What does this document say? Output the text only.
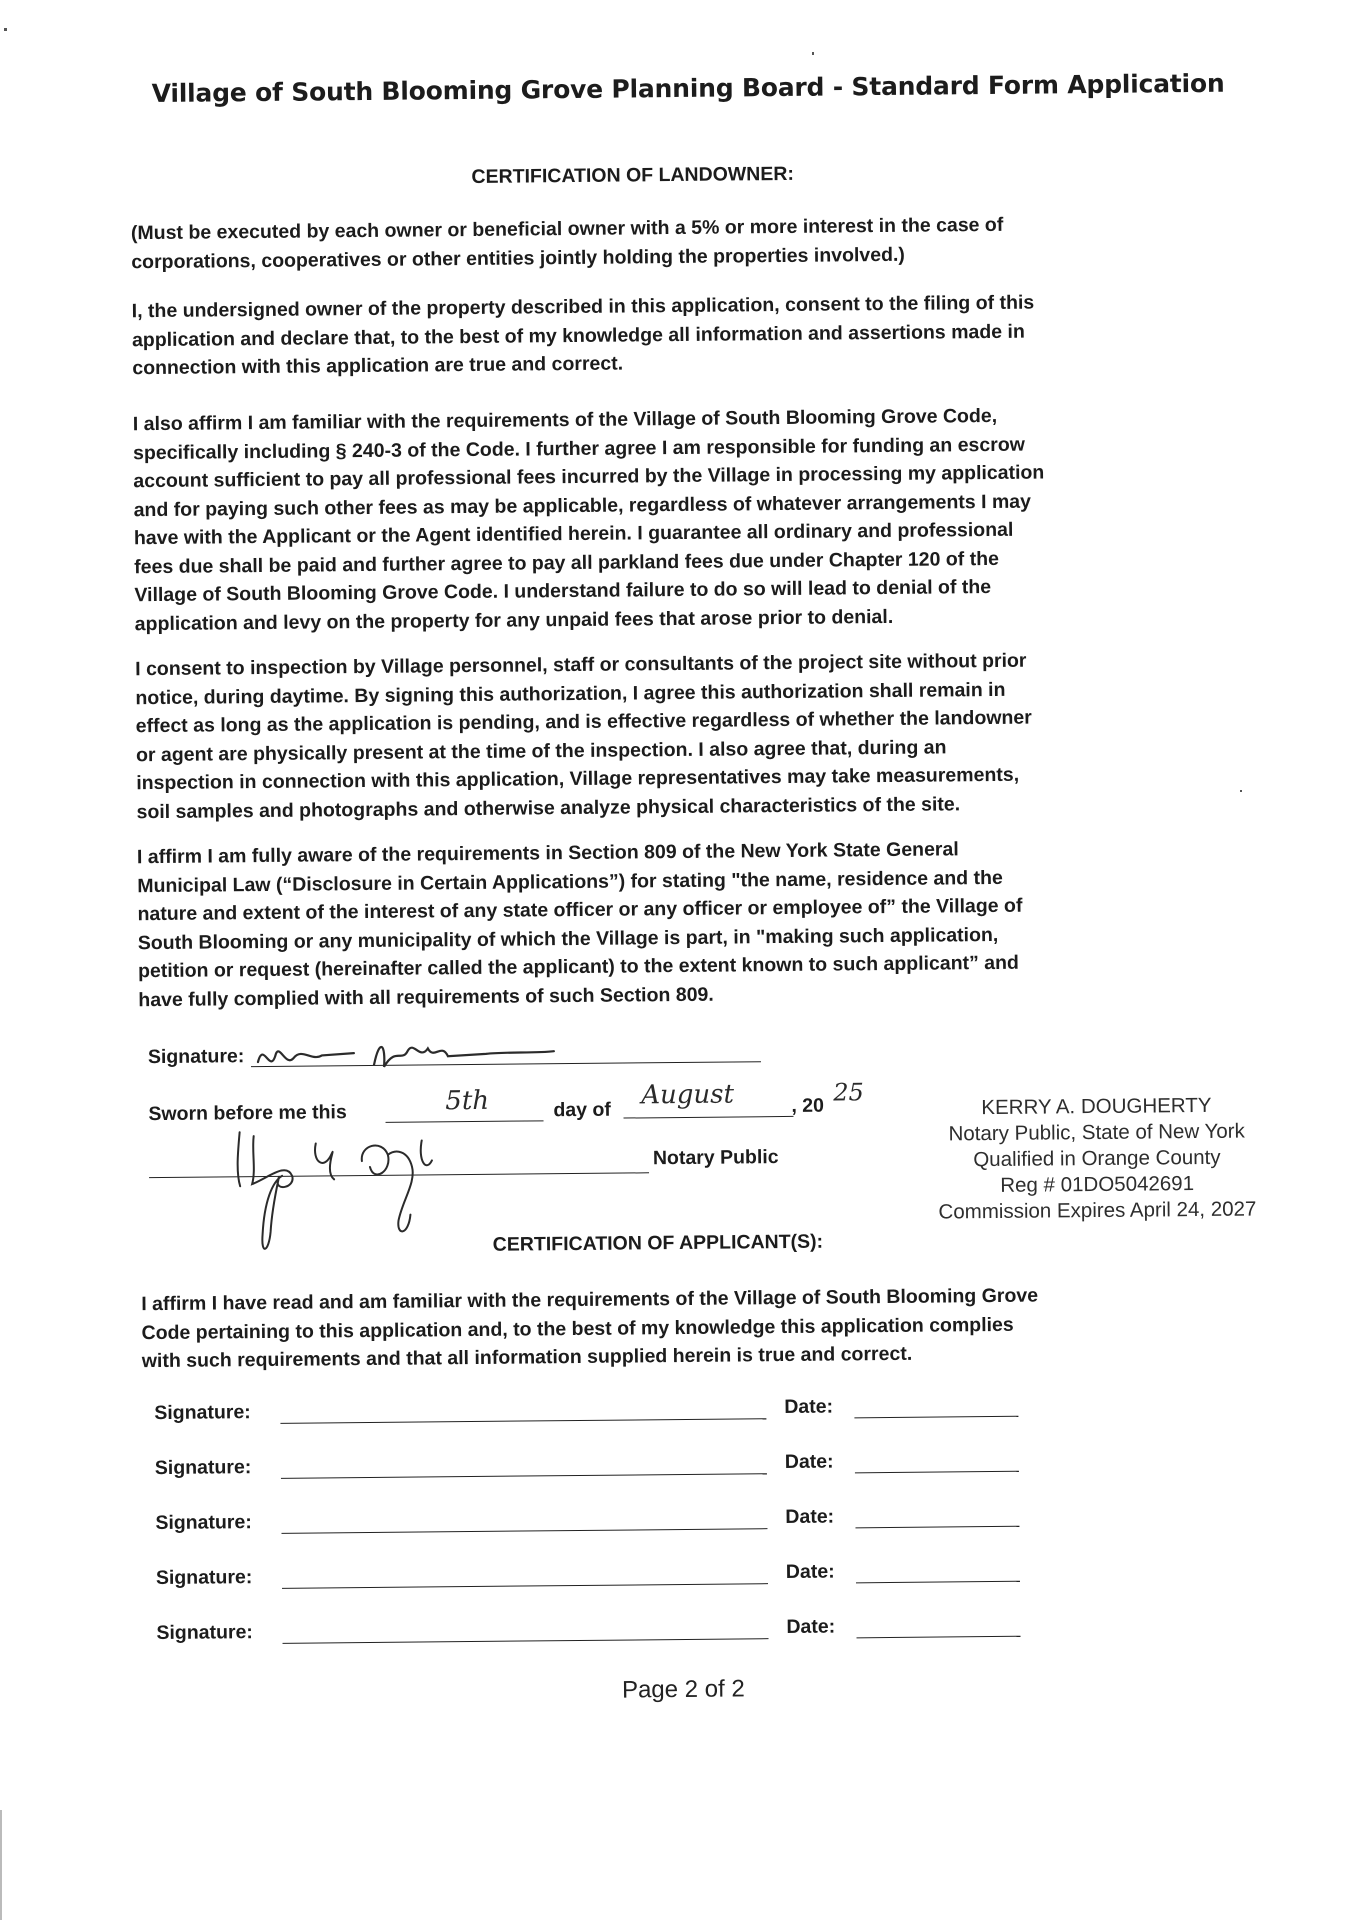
Village of South Blooming Grove Planning Board - Standard Form Application
CERTIFICATION OF LANDOWNER:
(Must be executed by each owner or beneficial owner with a 5% or more interest in the case of
corporations, cooperatives or other entities jointly holding the properties involved.)
I, the undersigned owner of the property described in this application, consent to the filing of this
application and declare that, to the best of my knowledge all information and assertions made in
connection with this application are true and correct.
I also affirm I am familiar with the requirements of the Village of South Blooming Grove Code,
specifically including § 240-3 of the Code. I further agree I am responsible for funding an escrow
account sufficient to pay all professional fees incurred by the Village in processing my application
and for paying such other fees as may be applicable, regardless of whatever arrangements I may
have with the Applicant or the Agent identified herein. I guarantee all ordinary and professional
fees due shall be paid and further agree to pay all parkland fees due under Chapter 120 of the
Village of South Blooming Grove Code. I understand failure to do so will lead to denial of the
application and levy on the property for any unpaid fees that arose prior to denial.
I consent to inspection by Village personnel, staff or consultants of the project site without prior
notice, during daytime. By signing this authorization, I agree this authorization shall remain in
effect as long as the application is pending, and is effective regardless of whether the landowner
or agent are physically present at the time of the inspection. I also agree that, during an
inspection in connection with this application, Village representatives may take measurements,
soil samples and photographs and otherwise analyze physical characteristics of the site.
I affirm I am fully aware of the requirements in Section 809 of the New York State General
Municipal Law (“Disclosure in Certain Applications”) for stating "the name, residence and the
nature and extent of the interest of any state officer or any officer or employee of” the Village of
South Blooming or any municipality of which the Village is part, in "making such application,
petition or request (hereinafter called the applicant) to the extent known to such applicant” and
have fully complied with all requirements of such Section 809.
Signature:
Sworn before me this	5th	day of August	, 20 25
Notary Public
KERRY A. DOUGHERTY
Notary Public, State of New York
Qualified in Orange County
Reg # 01DO5042691
Commission Expires April 24, 2027
CERTIFICATION OF APPLICANT(S):
I affirm I have read and am familiar with the requirements of the Village of South Blooming Grove
Code pertaining to this application and, to the best of my knowledge this application complies
with such requirements and that all information supplied herein is true and correct.
Signature:	Date:
Signature:	Date:
Signature:	Date:
Signature:	Date:
Signature:	Date:
Page 2 of 2
